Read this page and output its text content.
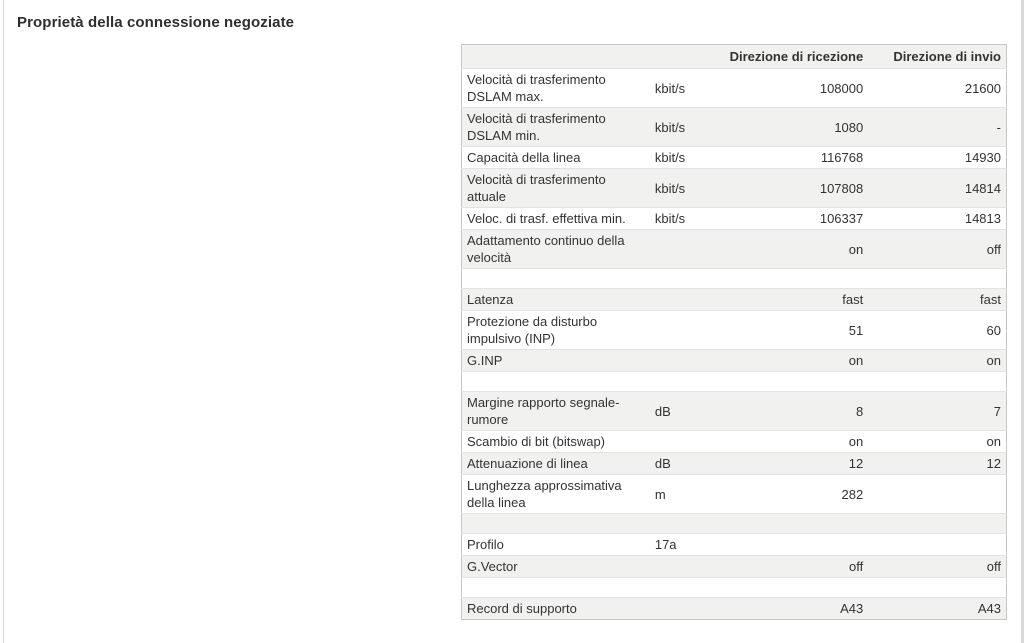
Proprietà della connessione negoziate
		Direzione di ricezione	Direzione di invio
Velocità di trasferimento DSLAM max.	kbit/s	108000	21600
Velocità di trasferimento DSLAM min.	kbit/s	1080	-
Capacità della linea	kbit/s	116768	14930
Velocità di trasferimento attuale	kbit/s	107808	14814
Veloc. di trasf. effettiva min.	kbit/s	106337	14813
Adattamento continuo della velocità		on	off

Latenza		fast	fast
Protezione da disturbo impulsivo (INP)		51	60
G.INP		on	on

Margine rapporto segnale-rumore	dB	8	7
Scambio di bit (bitswap)		on	on
Attenuazione di linea	dB	12	12
Lunghezza approssimativa della linea	m	282	

Profilo	17a		
G.Vector		off	off

Record di supporto		A43	A43
